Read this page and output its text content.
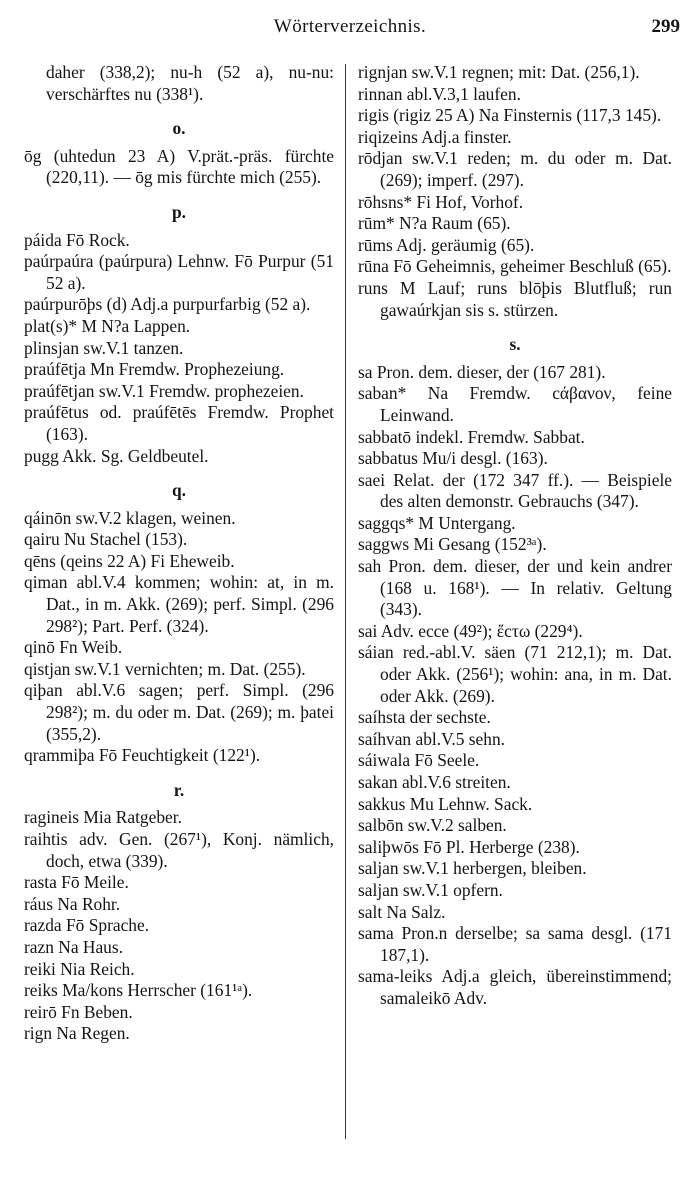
Wörterverzeichnis.	299

daher (338,2); nu-h (52 a), nu-nu: verschärftes nu (338¹).

o.

ōg (uhtedun 23 A) V.prät.-präs. fürchte (220,11). — ōg mis fürchte mich (255).

p.

páida Fō Rock.

paúrpaúra (paúrpura) Lehnw. Fō Purpur (51 52 a).

paúrpurōþs (d) Adj.a purpurfarbig (52 a).

plat(s)* M N?a Lappen.

plinsjan sw.V.1 tanzen.

praúfētja Mn Fremdw. Prophezeiung.

praúfētjan sw.V.1 Fremdw. prophezeien.

praúfētus od. praúfētēs Fremdw. Prophet (163).

pugg Akk. Sg. Geldbeutel.

q.

qáinōn sw.V.2 klagen, weinen.

qairu Nu Stachel (153).

qēns (qeins 22 A) Fi Eheweib.

qiman abl.V.4 kommen; wohin: at, in m. Dat., in m. Akk. (269); perf. Simpl. (296 298²); Part. Perf. (324).

qinō Fn Weib.

qistjan sw.V.1 vernichten; m. Dat. (255).

qiþan abl.V.6 sagen; perf. Simpl. (296 298²); m. du oder m. Dat. (269); m. þatei (355,2).

qrammiþa Fō Feuchtigkeit (122¹).

r.

ragineis Mia Ratgeber.

raihtis adv. Gen. (267¹), Konj. nämlich, doch, etwa (339).

rasta Fō Meile.

ráus Na Rohr.

razda Fō Sprache.

razn Na Haus.

reiki Nia Reich.

reiks Ma/kons Herrscher (161¹ᵃ).

reirō Fn Beben.

rign Na Regen.

rignjan sw.V.1 regnen; mit: Dat. (256,1).

rinnan abl.V.3,1 laufen.

rigis (rigiz 25 A) Na Finsternis (117,3 145).

riqizeins Adj.a finster.

rōdjan sw.V.1 reden; m. du oder m. Dat. (269); imperf. (297).

rōhsns* Fi Hof, Vorhof.

rūm* N?a Raum (65).

rūms Adj. geräumig (65).

rūna Fō Geheimnis, geheimer Beschluß (65).

runs M Lauf; runs blōþis Blutfluß; run gawaúrkjan sis s. stürzen.

s.

sa Pron. dem. dieser, der (167 281).

saban* Na Fremdw. cάβανον, feine Leinwand.

sabbatō indekl. Fremdw. Sabbat.

sabbatus Mu/i desgl. (163).

saei Relat. der (172 347 ff.). — Beispiele des alten demonstr. Gebrauchs (347).

saggqs* M Untergang.

saggws Mi Gesang (152³ᵃ).

sah Pron. dem. dieser, der und kein andrer (168 u. 168¹). — In relativ. Geltung (343).

sai Adv. ecce (49²); ἔcτω (229⁴).

sáian red.-abl.V. säen (71 212,1); m. Dat. oder Akk. (256¹); wohin: ana, in m. Dat. oder Akk. (269).

saíhsta der sechste.

saíhvan abl.V.5 sehn.

sáiwala Fō Seele.

sakan abl.V.6 streiten.

sakkus Mu Lehnw. Sack.

salbōn sw.V.2 salben.

saliþwōs Fō Pl. Herberge (238).

saljan sw.V.1 herbergen, bleiben.

saljan sw.V.1 opfern.

salt Na Salz.

sama Pron.n derselbe; sa sama desgl. (171 187,1).

sama-leiks Adj.a gleich, übereinstimmend; samaleikō Adv.
